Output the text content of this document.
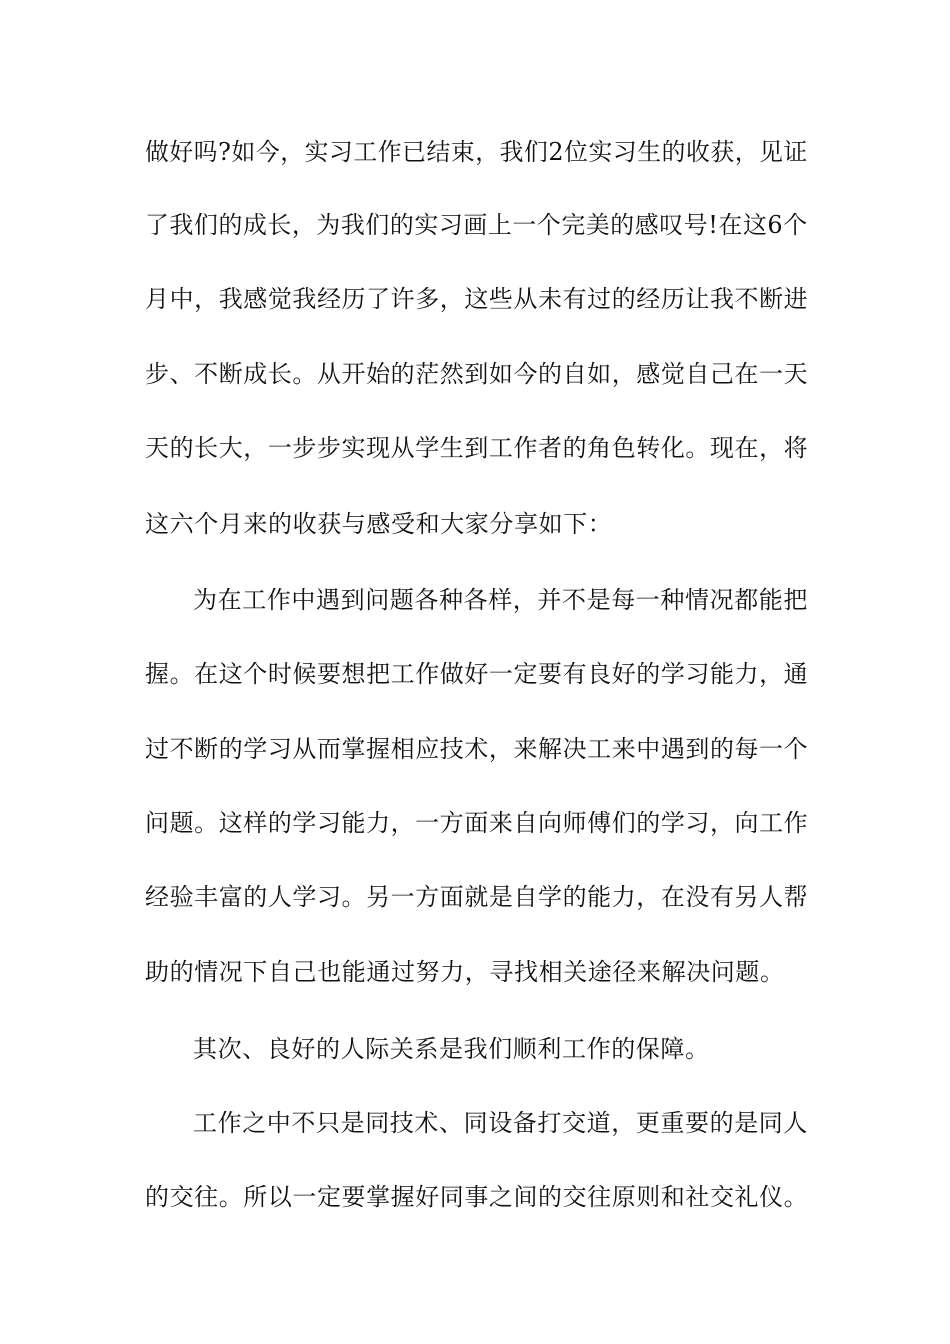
做好吗?如今，实习工作已结束，我们2位实习生的收获，见证
了我们的成长，为我们的实习画上一个完美的感叹号!在这6个
月中，我感觉我经历了许多，这些从未有过的经历让我不断进
步、不断成长。从开始的茫然到如今的自如，感觉自己在一天
天的长大，一步步实现从学生到工作者的角色转化。现在，将
这六个月来的收获与感受和大家分享如下：
为在工作中遇到问题各种各样，并不是每一种情况都能把
握。在这个时候要想把工作做好一定要有良好的学习能力，通
过不断的学习从而掌握相应技术，来解决工来中遇到的每一个
问题。这样的学习能力，一方面来自向师傅们的学习，向工作
经验丰富的人学习。另一方面就是自学的能力，在没有另人帮
助的情况下自己也能通过努力，寻找相关途径来解决问题。
其次、良好的人际关系是我们顺利工作的保障。
工作之中不只是同技术、同设备打交道，更重要的是同人
的交往。所以一定要掌握好同事之间的交往原则和社交礼仪。
